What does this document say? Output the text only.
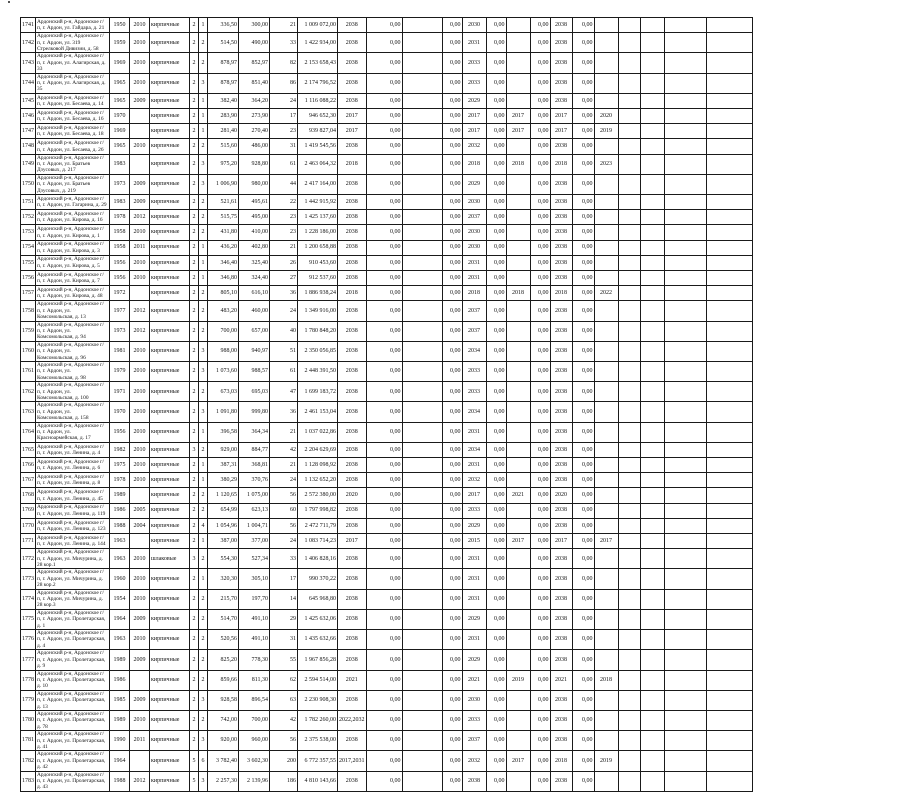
1741	Ардонский р-н, Ардонское г/п, г. Ардон, ул. Гайдара, д. 21	1950	2010	кирпичные	2	1	336,50	300,00	21	1 009 072,00	2038	0,00		0,00	2030	0,00		0,00	2038	0,00					
1742	Ардонский р-н, Ардонское г/п, г. Ардон, ул. 319 Стрелковой Дивизии, д. 58	1959	2010	кирпичные	2	2	514,50	490,00	33	1 422 934,00	2038	0,00		0,00	2031	0,00		0,00	2038	0,00					
1743	Ардонский р-н, Ардонское г/п, г. Ардон, ул. Алагирская, д. 33	1969	2010	кирпичные	2	2	878,97	852,97	82	2 153 658,43	2038	0,00		0,00	2033	0,00		0,00	2038	0,00					
1744	Ардонский р-н, Ардонское г/п, г. Ардон, ул. Алагирская, д. 35	1965	2010	кирпичные	2	3	878,97	851,40	86	2 174 796,52	2038	0,00		0,00	2033	0,00		0,00	2038	0,00					
1745	Ардонский р-н, Ардонское г/п, г. Ардон, ул. Бесаева, д. 14	1965	2009	кирпичные	2	1	382,40	364,20	24	1 116 088,22	2038	0,00		0,00	2029	0,00		0,00	2038	0,00					
1746	Ардонский р-н, Ардонское г/п, г. Ардон, ул. Бесаева, д. 16	1970		кирпичные	2	1	283,90	273,90	17	946 652,30	2017	0,00		0,00	2017	0,00	2017	0,00	2017	0,00	2020				
1747	Ардонский р-н, Ардонское г/п, г. Ардон, ул. Бесаева, д. 18	1969		кирпичные	2	1	281,40	270,40	23	939 827,04	2017	0,00		0,00	2017	0,00	2017	0,00	2017	0,00	2019				
1748	Ардонский р-н, Ардонское г/п, г. Ардон, ул. Бесаева, д. 26	1965	2010	кирпичные	2	2	515,60	486,00	31	1 419 545,56	2038	0,00		0,00	2032	0,00		0,00	2038	0,00					
1749	Ардонский р-н, Ардонское г/п, г. Ардон, ул. Братьев Дзусовых, д. 217	1983		кирпичные	2	3	975,20	928,80	61	2 463 064,32	2018	0,00		0,00	2018	0,00	2018	0,00	2018	0,00	2023				
1750	Ардонский р-н, Ардонское г/п, г. Ардон, ул. Братьев Дзусовых, д. 219	1973	2009	кирпичные	2	3	1 006,90	980,00	44	2 417 164,00	2038	0,00		0,00	2029	0,00		0,00	2038	0,00					
1751	Ардонский р-н, Ардонское г/п, г. Ардон, ул. Гагарина, д. 29	1983	2009	кирпичные	2	2	521,61	495,61	22	1 442 915,92	2038	0,00		0,00	2030	0,00		0,00	2038	0,00					
1752	Ардонский р-н, Ардонское г/п, г. Ардон, ул. Кирова, д. 16	1978	2012	кирпичные	2	2	515,75	495,00	23	1 425 137,60	2038	0,00		0,00	2037	0,00		0,00	2038	0,00					
1753	Ардонский р-н, Ардонское г/п, г. Ардон, ул. Кирова, д. 1	1958	2010	кирпичные	2	2	431,80	410,00	23	1 228 186,00	2038	0,00		0,00	2030	0,00		0,00	2038	0,00					
1754	Ардонский р-н, Ардонское г/п, г. Ардон, ул. Кирова, д. 3	1958	2011	кирпичные	2	1	436,20	402,80	21	1 200 658,88	2038	0,00		0,00	2030	0,00		0,00	2038	0,00					
1755	Ардонский р-н, Ардонское г/п, г. Ардон, ул. Кирова, д. 5	1956	2010	кирпичные	2	1	346,40	325,40	26	910 453,60	2038	0,00		0,00	2031	0,00		0,00	2038	0,00					
1756	Ардонский р-н, Ардонское г/п, г. Ардон, ул. Кирова, д. 7	1956	2010	кирпичные	2	1	346,80	324,40	27	912 537,60	2038	0,00		0,00	2031	0,00		0,00	2038	0,00					
1757	Ардонский р-н, Ардонское г/п, г. Ардон, ул. Кирова, д. 48	1972		кирпичные	2	2	805,10	616,10	36	1 886 938,24	2018	0,00		0,00	2018	0,00	2018	0,00	2018	0,00	2022				
1758	Ардонский р-н, Ардонское г/п, г. Ардон, ул. Комсомольская, д. 13	1977	2012	кирпичные	2	2	483,20	460,00	24	1 349 916,00	2038	0,00		0,00	2037	0,00		0,00	2038	0,00					
1759	Ардонский р-н, Ардонское г/п, г. Ардон, ул. Комсомольская, д. 94	1973	2012	кирпичные	2	2	700,00	657,00	40	1 780 848,20	2038	0,00		0,00	2037	0,00		0,00	2038	0,00					
1760	Ардонский р-н, Ардонское г/п, г. Ардон, ул. Комсомольская, д. 96	1981	2010	кирпичные	2	3	988,00	940,97	51	2 350 056,85	2038	0,00		0,00	2034	0,00		0,00	2038	0,00					
1761	Ардонский р-н, Ардонское г/п, г. Ардон, ул. Комсомольская, д. 98	1979	2010	кирпичные	2	3	1 073,60	988,57	61	2 448 391,50	2038	0,00		0,00	2033	0,00		0,00	2038	0,00					
1762	Ардонский р-н, Ардонское г/п, г. Ардон, ул. Комсомольская, д. 100	1971	2010	кирпичные	2	2	673,03	695,03	47	1 699 183,72	2038	0,00		0,00	2033	0,00		0,00	2038	0,00					
1763	Ардонский р-н, Ардонское г/п, г. Ардон, ул. Комсомольская, д. 158	1970	2010	кирпичные	2	3	1 091,80	999,80	36	2 461 153,04	2038	0,00		0,00	2034	0,00		0,00	2038	0,00					
1764	Ардонский р-н, Ардонское г/п, г. Ардон, ул. Красноармейская, д. 17	1956	2010	кирпичные	2	1	396,58	364,34	21	1 037 022,86	2038	0,00		0,00	2031	0,00		0,00	2038	0,00					
1765	Ардонский р-н, Ардонское г/п, г. Ардон, ул. Ленина, д. 4	1982	2010	кирпичные	3	2	929,00	884,77	42	2 204 629,69	2038	0,00		0,00	2034	0,00		0,00	2038	0,00					
1766	Ардонский р-н, Ардонское г/п, г. Ардон, ул. Ленина, д. 6	1975	2010	кирпичные	2	1	387,31	368,81	21	1 128 098,92	2038	0,00		0,00	2031	0,00		0,00	2038	0,00					
1767	Ардонский р-н, Ардонское г/п, г. Ардон, ул. Ленина, д. 8	1978	2010	кирпичные	2	1	380,29	370,76	24	1 132 652,20	2038	0,00		0,00	2032	0,00		0,00	2038	0,00					
1768	Ардонский р-н, Ардонское г/п, г. Ардон, ул. Ленина, д. 45	1989		кирпичные	2	2	1 120,65	1 075,00	56	2 572 380,00	2020	0,00		0,00	2017	0,00	2021	0,00	2020	0,00					
1769	Ардонский р-н, Ардонское г/п, г. Ардон, ул. Ленина, д. 119	1986	2005	кирпичные	2	2	654,99	623,13	60	1 797 998,82	2038	0,00		0,00	2033	0,00		0,00	2038	0,00					
1770	Ардонский р-н, Ардонское г/п, г. Ардон, ул. Ленина, д. 123	1988	2004	кирпичные	2	4	1 054,96	1 004,71	56	2 472 711,79	2038	0,00		0,00	2029	0,00		0,00	2038	0,00					
1771	Ардонский р-н, Ардонское г/п, г. Ардон, ул. Ленина, д. 144	1963		кирпичные	2	1	387,00	377,00	24	1 083 714,23	2017	0,00		0,00	2015	0,00	2017	0,00	2017	0,00	2017				
1772	Ардонский р-н, Ардонское г/п, г. Ардон, ул. Мичурина, д. 28 кор.1	1963	2010	шлаковые	3	2	554,30	527,34	33	1 406 828,16	2038	0,00		0,00	2031	0,00		0,00	2038	0,00					
1773	Ардонский р-н, Ардонское г/п, г. Ардон, ул. Мичурина, д. 28 кор.2	1960	2010	кирпичные	2	1	320,30	305,10	17	990 370,22	2038	0,00		0,00	2031	0,00		0,00	2038	0,00					
1774	Ардонский р-н, Ардонское г/п, г. Ардон, ул. Мичурина, д. 28 кор.3	1954	2010	кирпичные	2	2	215,70	197,70	14	645 968,80	2038	0,00		0,00	2031	0,00		0,00	2038	0,00					
1775	Ардонский р-н, Ардонское г/п, г. Ардон, ул. Пролетарская, д. 1	1964	2009	кирпичные	2	2	514,70	491,10	29	1 425 632,06	2038	0,00		0,00	2029	0,00		0,00	2038	0,00					
1776	Ардонский р-н, Ардонское г/п, г. Ардон, ул. Пролетарская, д. 4	1963	2010	кирпичные	2	2	520,56	491,10	31	1 435 632,66	2038	0,00		0,00	2031	0,00		0,00	2038	0,00					
1777	Ардонский р-н, Ардонское г/п, г. Ардон, ул. Пролетарская, д. 9	1989	2009	кирпичные	2	2	825,20	778,30	55	1 967 856,28	2038	0,00		0,00	2029	0,00		0,00	2038	0,00					
1778	Ардонский р-н, Ардонское г/п, г. Ардон, ул. Пролетарская, д. 10	1986		кирпичные	2	2	859,66	811,30	62	2 594 514,00	2021	0,00		0,00	2021	0,00	2019	0,00	2021	0,00	2018				
1779	Ардонский р-н, Ардонское г/п, г. Ардон, ул. Пролетарская, д. 13	1985	2009	кирпичные	2	3	928,58	896,54	63	2 230 908,30	2038	0,00		0,00	2030	0,00		0,00	2038	0,00					
1780	Ардонский р-н, Ардонское г/п, г. Ардон, ул. Пролетарская, д. 78	1989	2010	кирпичные	2	2	742,00	700,00	42	1 782 260,00	2022,2032	0,00		0,00	2033	0,00		0,00	2038	0,00					
1781	Ардонский р-н, Ардонское г/п, г. Ардон, ул. Пролетарская, д. 41	1990	2011	кирпичные	2	3	920,00	960,00	56	2 375 538,00	2038	0,00		0,00	2037	0,00		0,00	2038	0,00					
1782	Ардонский р-н, Ардонское г/п, г. Ардон, ул. Пролетарская, д. 42	1964		кирпичные	5	6	3 782,40	3 602,30	200	6 772 357,55	2017,2031	0,00		0,00	2032	0,00	2017	0,00	2018	0,00	2019				
1783	Ардонский р-н, Ардонское г/п, г. Ардон, ул. Пролетарская, д. 43	1988	2012	кирпичные	5	3	2 257,30	2 139,96	186	4 810 143,66	2038	0,00		0,00	2038	0,00		0,00	2038	0,00					
